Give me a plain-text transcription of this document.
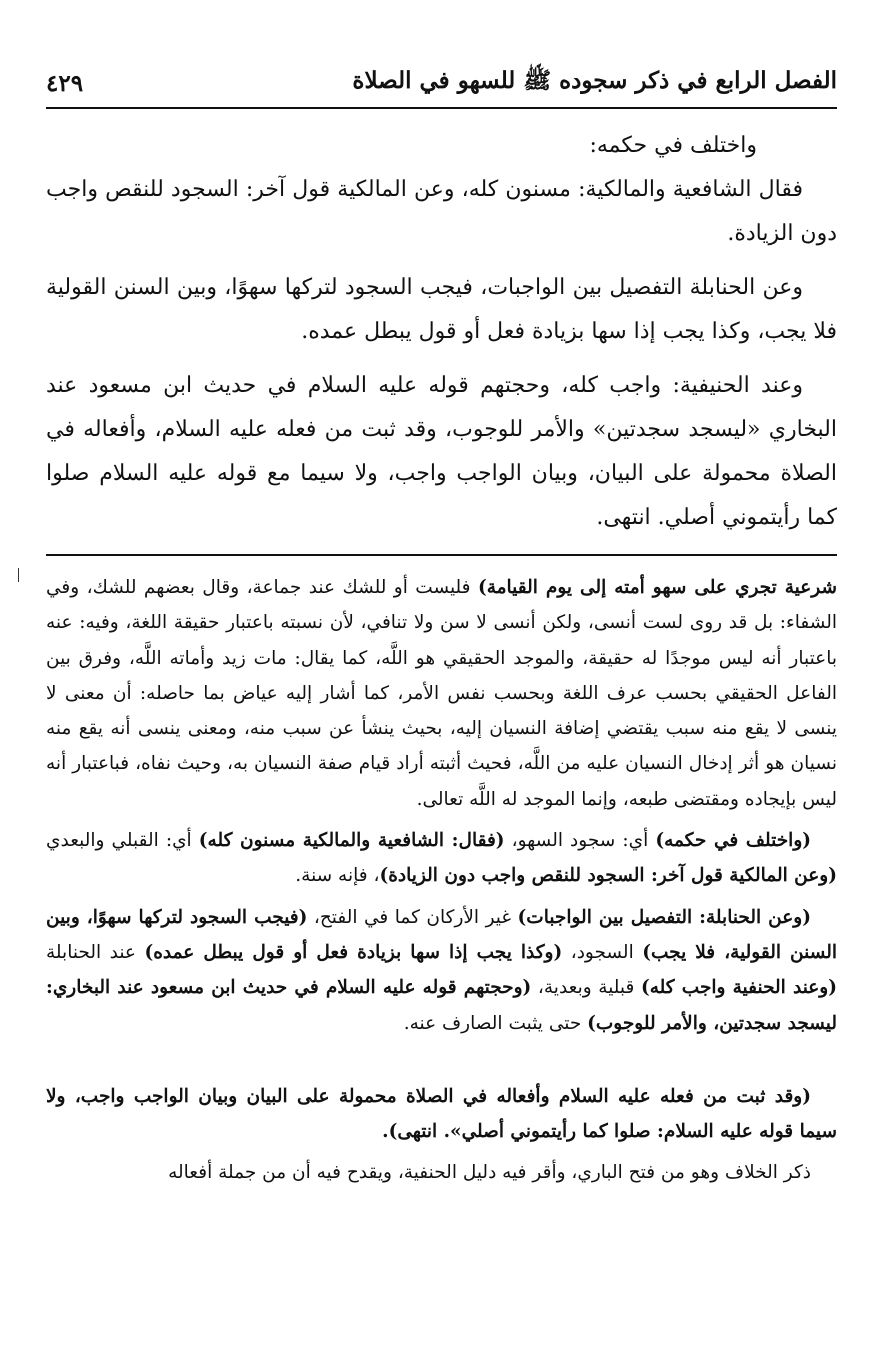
الفصل الرابع في ذكر سجوده ﷺ للسهو في الصلاة
٤٢٩

واختلف في حكمه:

فقال الشافعية والمالكية: مسنون كله، وعن المالكية قول آخر: السجود للنقص واجب دون الزيادة.

وعن الحنابلة التفصيل بين الواجبات، فيجب السجود لتركها سهوًا، وبين السنن القولية فلا يجب، وكذا يجب إذا سها بزيادة فعل أو قول يبطل عمده.

وعند الحنيفية: واجب كله، وحجتهم قوله عليه السلام في حديث ابن مسعود عند البخاري «ليسجد سجدتين» والأمر للوجوب، وقد ثبت من فعله عليه السلام، وأفعاله في الصلاة محمولة على البيان، وبيان الواجب واجب، ولا سيما مع قوله عليه السلام صلوا كما رأيتموني أصلي. انتهى.

شرعية تجري على سهو أمته إلى يوم القيامة) فليست أو للشك عند جماعة، وقال بعضهم للشك، وفي الشفاء: بل قد روى لست أنسى، ولكن أنسى لا سن ولا تنافي، لأن نسبته باعتبار حقيقة اللغة، وفيه: عنه باعتبار أنه ليس موجدًا له حقيقة، والموجد الحقيقي هو اللَّه، كما يقال: مات زيد وأماته اللَّه، وفرق بين الفاعل الحقيقي بحسب عرف اللغة وبحسب نفس الأمر، كما أشار إليه عياض بما حاصله: أن معنى لا ينسى لا يقع منه سبب يقتضي إضافة النسيان إليه، بحيث ينشأ عن سبب منه، ومعنى ينسى أنه يقع منه نسيان هو أثر إدخال النسيان عليه من اللَّه، فحيث أثبته أراد قيام صفة النسيان به، وحيث نفاه، فباعتبار أنه ليس بإيجاده ومقتضى طبعه، وإنما الموجد له اللَّه تعالى.

(واختلف في حكمه) أي: سجود السهو، (فقال: الشافعية والمالكية مسنون كله) أي: القبلي والبعدي (وعن المالكية قول آخر: السجود للنقص واجب دون الزيادة)، فإنه سنة.

(وعن الحنابلة: التفصيل بين الواجبات) غير الأركان كما في الفتح، (فيجب السجود لتركها سهوًا، وبين السنن القولية، فلا يجب) السجود، (وكذا يجب إذا سها بزيادة فعل أو قول يبطل عمده) عند الحنابلة (وعند الحنفية واجب كله) قبلية وبعدية، (وحجتهم قوله عليه السلام في حديث ابن مسعود عند البخاري: ليسجد سجدتين، والأمر للوجوب) حتى يثبت الصارف عنه.

(وقد ثبت من فعله عليه السلام وأفعاله في الصلاة محمولة على البيان وبيان الواجب واجب، ولا سيما قوله عليه السلام: صلوا كما رأيتموني أصلي». انتهى).

ذكر الخلاف وهو من فتح الباري، وأقر فيه دليل الحنفية، ويقدح فيه أن من جملة أفعاله
